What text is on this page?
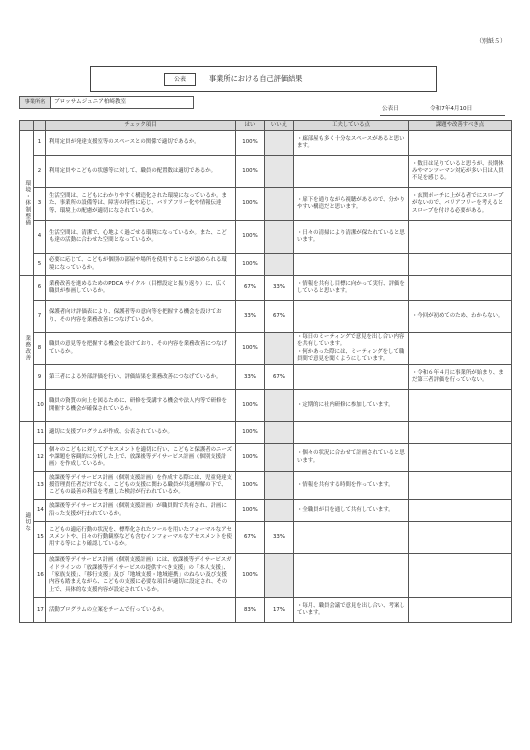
（別紙５）
公表	事業所における自己評価結果
事業所名	ブロッサムジュニア柏崎教室
公表日	令和7年4月10日
		チェック項目	はい	いいえ	工夫している点	課題や改善すべき点
環境・体制整備	1	利用定員が発達支援室等のスペースとの関係で適切であるか。	100%		・廊部屋も多く十分なスペースがあると思います。	
	2	利用定員やこどもの状態等に対して、職員の配置数は適切であるか。	100%			・数日は足りていると思うが、長期休みやマンツーマン対応が多い日は人員不足を感じる。
	3	生活空間は、こどもにわかりやすく構造化された環境になっているか。また、事業所の設備等は、障害の特性に応じ、バリアフリー化や情報伝達等、環境上の配慮が適切になされているか。	100%		・扉下を通りながら視聴があるので、分かりやすい構造だと思います。	・玄関ポーチに上がる者でにスロープがないので、バリアフリーを考えるとスロープを付ける必要がある。
	4	生活空間は、清潔で、心地よく過ごせる環境になっているか。また、こども達の活動に合わせた空間となっているか。	100%		・日々の清掃により清潔が保たれていると思います。	
	5	必要に応じて、こどもが個別の部屋や場所を使用することが認められる環境になっているか。	100%			
業務改善	6	業務改善を進めるためのPDCA サイクル（目標設定と振り返り）に、広く職員が参画しているか。	67%	33%	・情報を共有し目標に向かって実行、評価をしていると思います。	
	7	保護者向け評価表により、保護者等の意向等を把握する機会を設けており、その内容を業務改善につなげているか。	33%	67%		・今回が初めてのため、わからない。
	8	職員の意見等を把握する機会を設けており、その内容を業務改善につなげているか。	100%		・毎日のミーティングで意見を出し合い内容を共有しています。
・何かあった際には、ミーティングをして職員間で意見を聞くようにしています。	
	9	第三者による外部評価を行い、評価結果を業務改善につなげているか。	33%	67%		・令和６年４月に事業所が始まり、まだ第三者評価を行っていない。
	10	職員の資質の向上を図るために、研修を受講する機会や法人内等で研修を開催する機会が確保されているか。	100%		・定期的に社内研修に参加しています。	
適切な	11	適切に支援プログラムが作成、公表されているか。	100%			
	12	個々のこどもに対してアセスメントを適切に行い、こどもと保護者のニーズや課題を客観的に分析した上で、放課後等デイサービス計画（個別支援計画）を作成しているか。	100%		・個々の状況に合わせて計画されていると思います。	
	13	放課後等デイサービス計画（個別支援計画）を作成する際には、児童発達支援管理責任者だけでなく、こどもの支援に関わる職員が共通理解の下で、こどもの最善の利益を考慮した検討が行われているか。	100%		・情報を共有する時間を作っています。	
	14	放課後等デイサービス計画（個別支援計画）が職員間で共有され、計画に沿った支援が行われているか。	100%		・全職員が目を通して共有しています。	
	15	こどもの適応行動の状況を、標準化されたツールを用いたフォーマルなアセスメントや、日々の行動観察なども含むインフォーマルなアセスメントを使用する等により確認しているか。	67%	33%		
	16	放課後等デイサービス計画（個別支援計画）には、放課後等デイサービスガイドラインの「放課後等デイサービスの提供すべき支援」の「本人支援」、「家族支援」、「移行支援」及び「地域支援・地域連携」のねらい及び支援内容も踏まえながら、こどもの支援に必要な項目が適切に設定され、その上で、具体的な支援内容が設定されているか。	100%			
	17	活動プログラムの立案をチームで行っているか。	83%	17%	・毎月、職員会議で意見を出し合い、考案しています。	
